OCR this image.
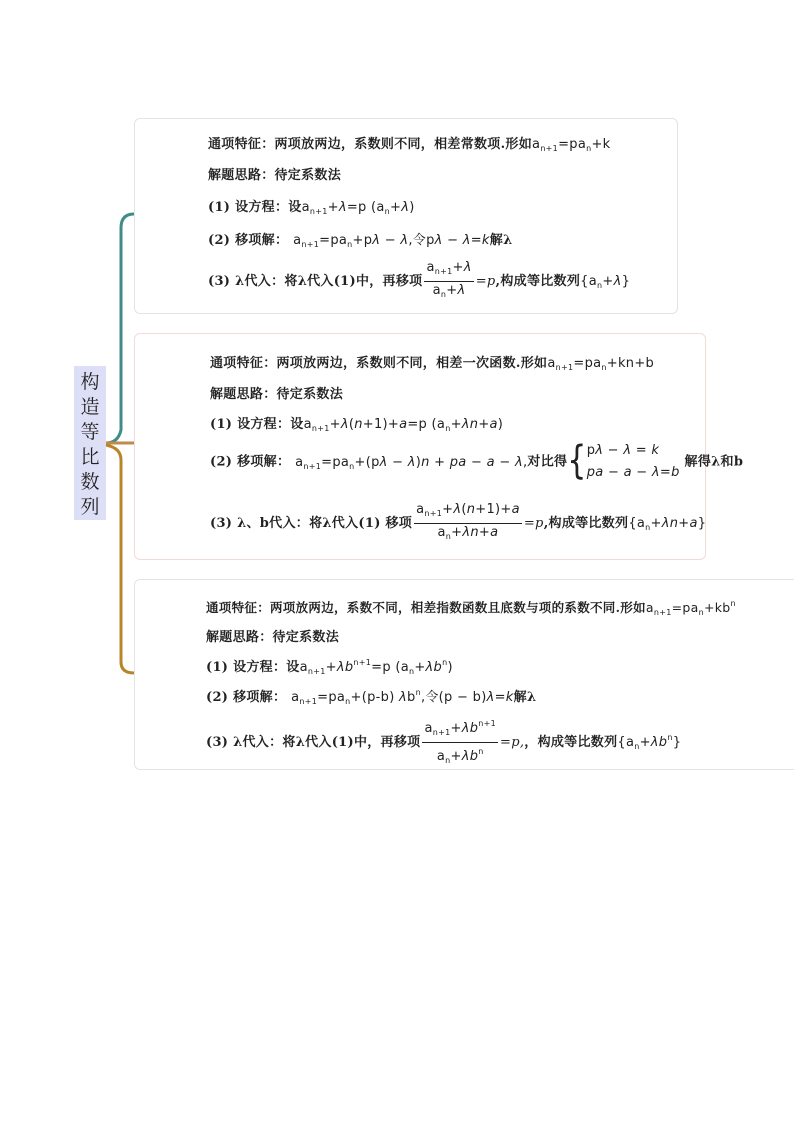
构
造
等
比
数
列
通项特征：两项放两边，系数则不同，相差常数项.形如$a_{n+1}=pa_n+k$
解题思路：待定系数法
(1) 设方程：设$a_{n+1}+\lambda=p$ $(a_n+\lambda)$
(2) 移项解： $a_{n+1}=pa_n+p\lambda - \lambda$,令pλ − λ=k解λ
(3) λ代入：将λ代入(1)中，再移项 $\frac{a_{n+1}+\lambda}{a_n+\lambda} =p$,构成等比数列$\{a_n+\lambda\}$
通项特征：两项放两边，系数则不同，相差一次函数.形如$a_{n+1}=pa_n+kn+b$
解题思路：待定系数法
(1) 设方程：设$a_{n+1}+\lambda(n+1)+a=p$ $(a_n+\lambda n+a)$
(2) 移项解： $a_{n+1}=pa_n+(p\lambda - \lambda)n$ + pa − a − λ,对比得{ pλ − λ = k
pa − a − λ=b
解得λ和b
(3) λ、b代入：将λ代入(1) 移项 $\frac{a_{n+1}+\lambda(n+1)+a}{a_n+\lambda n+a} =p$,构成等比数列$\{a_n+\lambda n+a\}$
通项特征：两项放两边，系数不同，相差指数函数且底数与项的系数不同.形如$a_{n+1}=pa_n+kb^n$
解题思路：待定系数法
(1) 设方程：设$a_{n+1}+\lambda b^{n+1}=p$ $(a_n+\lambda b^n)$
(2) 移项解： $a_{n+1}=pa_n+(p-b)$ $\lambda b^n$,令(p − b)λ=k解λ
(3) λ代入：将λ代入(1)中，再移项 $\frac{a_{n+1}+\lambda b^{n+1}}{a_n+\lambda b^n} =p$,，构成等比数列$\{a_n+\lambda b^n\}$
